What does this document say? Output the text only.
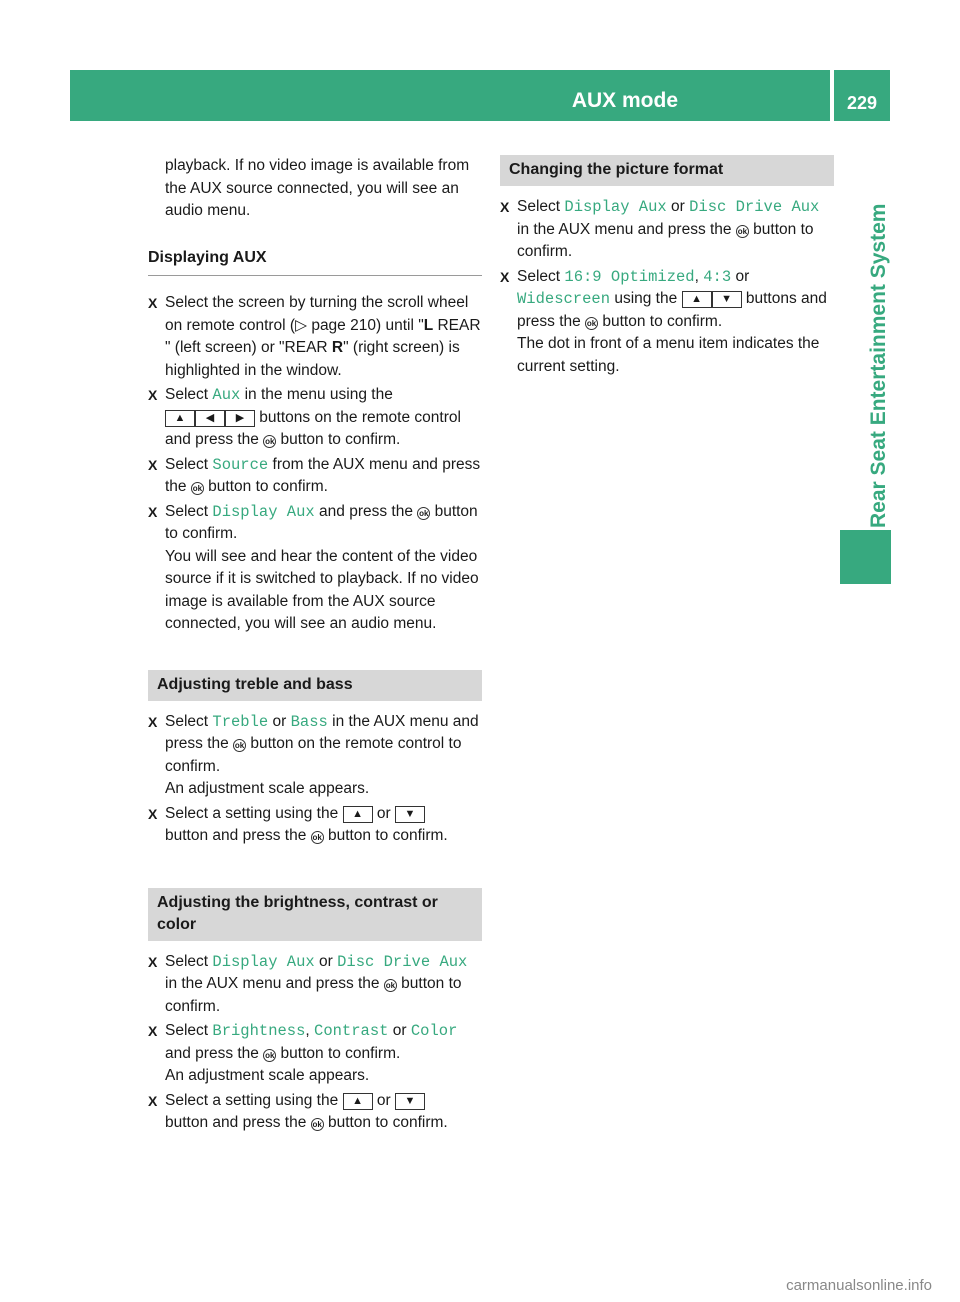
AUX mode	229
Rear Seat Entertainment System

playback. If no video image is available from the AUX source connected, you will see an audio menu.

Displaying AUX
X Select the screen by turning the scroll wheel on remote control (▷ page 210) until "L REAR " (left screen) or "REAR R" (right screen) is highlighted in the window.
X Select Aux in the menu using the
▲ ◀ ▶ buttons on the remote control and press the ok button to confirm.
X Select Source from the AUX menu and press the ok button to confirm.
X Select Display Aux and press the ok button to confirm.
You will see and hear the content of the video source if it is switched to playback. If no video image is available from the AUX source connected, you will see an audio menu.
Adjusting treble and bass
X Select Treble or Bass in the AUX menu and press the ok button on the remote control to confirm.
An adjustment scale appears.
X Select a setting using the ▲ or ▼
button and press the ok button to confirm.
Adjusting the brightness, contrast or color
X Select Display Aux or Disc Drive Aux in the AUX menu and press the ok button to confirm.
X Select Brightness, Contrast or Color and press the ok button to confirm.
An adjustment scale appears.
X Select a setting using the ▲ or ▼
button and press the ok button to confirm.
Changing the picture format
X Select Display Aux or Disc Drive Aux in the AUX menu and press the ok button to confirm.
X Select 16:9 Optimized, 4:3 or
Widescreen using the ▲ ▼ buttons and press the ok button to confirm.
The dot in front of a menu item indicates the current setting.
carmanualsonline.info
